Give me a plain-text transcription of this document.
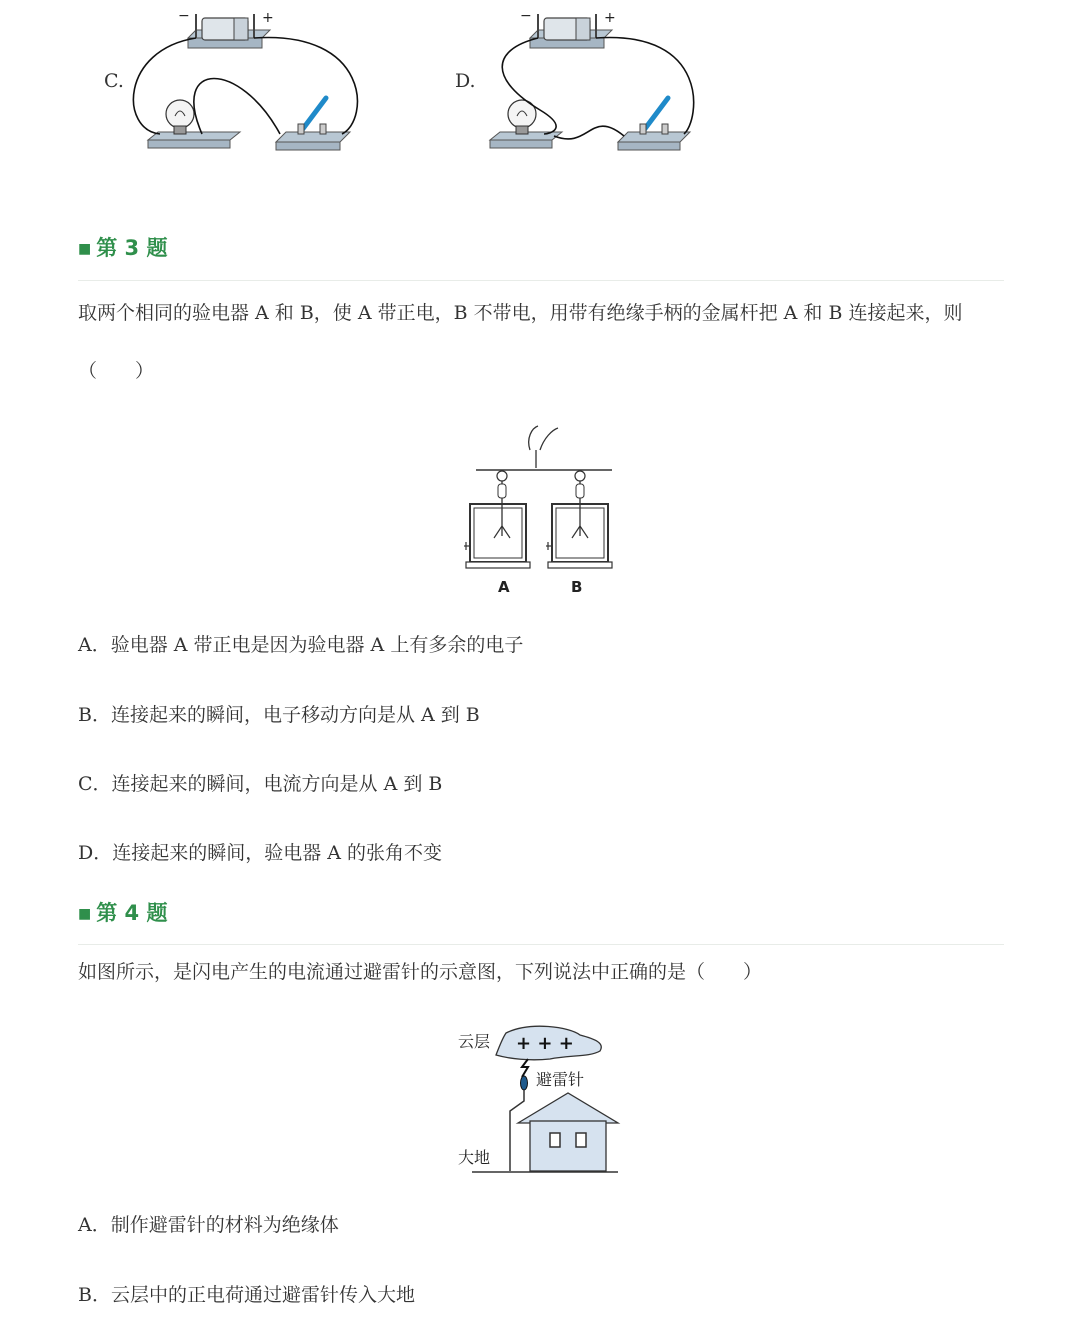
C.
−	+
D.
−	+
■ 第 3 题
取两个相同的验电器 A 和 B，使 A 带正电，B 不带电，用带有绝缘手柄的金属杆把 A 和 B 连接起来，则
（　　）
A	B
A．验电器 A 带正电是因为验电器 A 上有多余的电子
B．连接起来的瞬间，电子移动方向是从 A 到 B
C．连接起来的瞬间，电流方向是从 A 到 B
D．连接起来的瞬间，验电器 A 的张角不变
■ 第 4 题
如图所示，是闪电产生的电流通过避雷针的示意图，下列说法中正确的是（　　）
云层 + + +
避雷针
大地
A．制作避雷针的材料为绝缘体
B．云层中的正电荷通过避雷针传入大地
